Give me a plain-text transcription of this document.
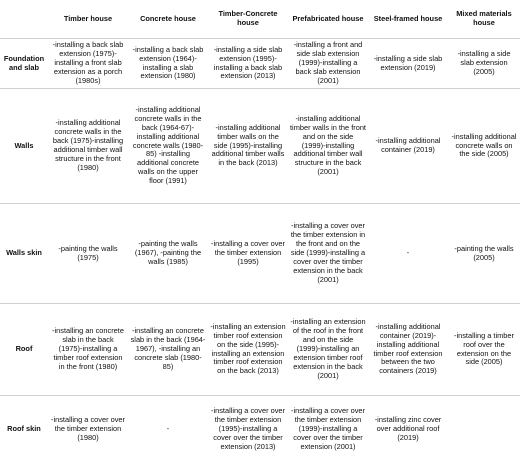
	Timber house	Concrete house	Timber-Concrete house	Prefabricated house	Steel-framed house	Mixed materials house
Foundation and slab	-installing a back slab extension (1975)-installing a front slab extension as a porch (1980s)	-installing a back slab extension (1964)-installing a slab extension (1980)	-installing a side slab extension (1995)-installing a back slab extension (2013)	-installing a front and side slab extension (1999)-installing a back slab extension (2001)	-installing a side slab extension (2019)	-installing a side slab extension (2005)
Walls	-installing additional concrete walls in the back (1975)-installing additional timber wall structure in the front (1980)	-installing additional concrete walls in the back (1964-67)-installing additional concrete walls (1980-85) -installing additional concrete walls on the upper floor (1991)	-installing additional timber walls on the side (1995)-installing additional timber walls in the back (2013)	-installing additional timber walls in the front and on the side (1999)-installing additional timber wall structure in the back (2001)	-installing additional container (2019)	-installing additional concrete walls on the side (2005)
Walls skin	-painting the walls (1975)	-painting the walls (1967), -painting the walls (1985)	-installing a cover over the timber extension (1995)	-installing a cover over the timber extension in the front and on the side (1999)-installing a cover over the timber extension in the back (2001)	-	-painting the walls (2005)
Roof	-installing an concrete slab in the back (1975)-installing a timber roof extension in the front (1980)	-installing an concrete slab in the back (1964-1967), -installing an concrete slab (1980-85)	-installing an extension timber roof extension on the side (1995)-installing an extension timber roof extension on the back (2013)	-installing an extension of the roof in the front and on the side (1999)-installing an extension timber roof extension in the back (2001)	-installing additional container (2019)-installing additional timber roof extension between the two containers (2019)	-installing a timber roof over the extension on the side (2005)
Roof skin	-installing a cover over the timber extension (1980)	-	-installing a cover over the timber extension (1995)-installing a cover over the timber extension (2013)	-installing a cover over the timber extension (1999)-installing a cover over the timber extension (2001)	-installing zinc cover over additional roof (2019)	
